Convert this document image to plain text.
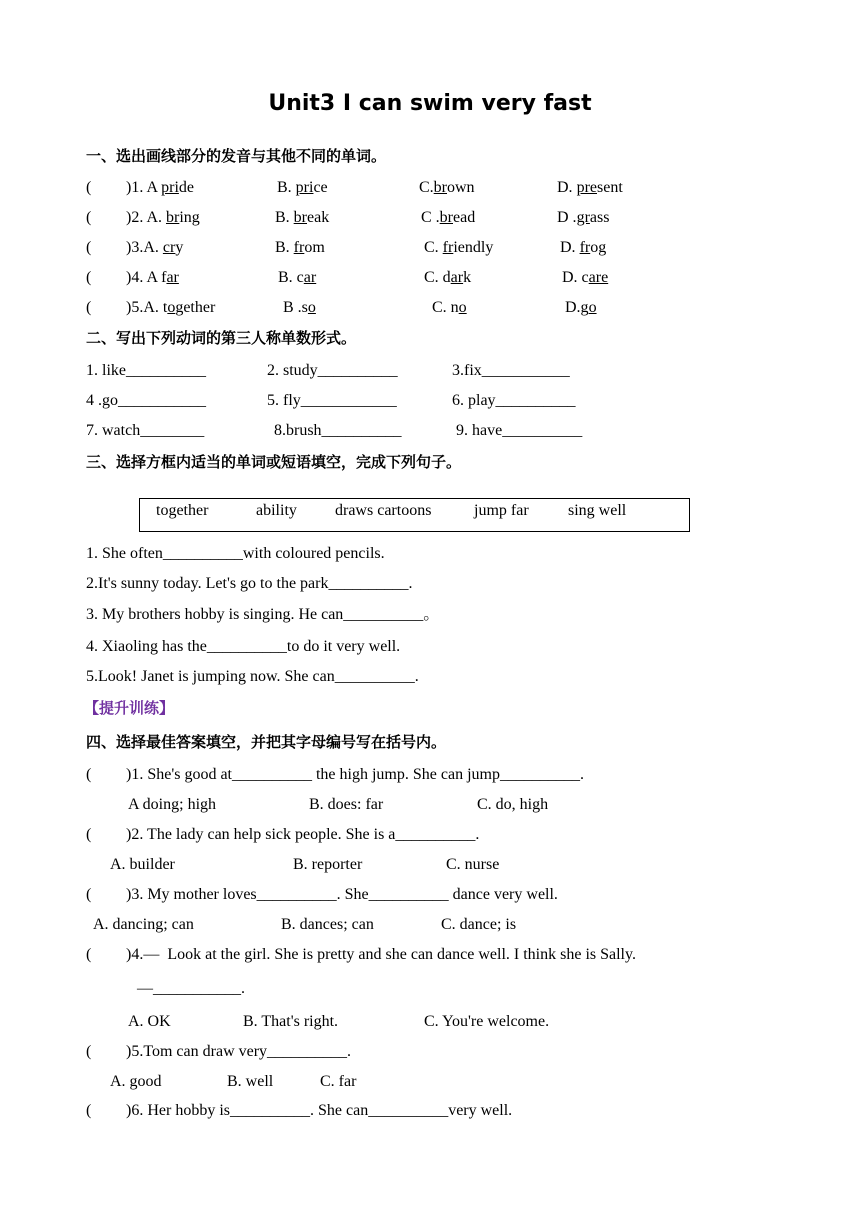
Unit3 I can swim very fast
一、选出画线部分的发音与其他不同的单词。
( )1. A pride	B. price	C.brown	D. present
( )2. A. bring	B. break	C .bread	D .grass
( )3.A. cry	B. from	C. friendly	D. frog
( )4. A far	B. car	C. dark	D. care
( )5.A. together	B .so	C. no	D.go
二、写出下列动词的第三人称单数形式。
1. like__________	2. study__________	3.fix___________
4 .go___________	5. fly____________	6. play__________
7. watch________	8.brush__________	9. have__________
三、选择方框内适当的单词或短语填空，完成下列句子。
together	ability draws cartoons	jump far sing well
1. She often__________with coloured pencils.
2.It's sunny today. Let's go to the park__________.
3. My brothers hobby is singing. He can__________。
4. Xiaoling has the__________to do it very well.
5.Look! Janet is jumping now. She can__________.
【提升训练】
四、选择最佳答案填空，并把其字母编号写在括号内。
( )1. She's good at__________ the high jump. She can jump__________.
A doing; high	B. does: far	C. do, high
( )2. The lady can help sick people. She is a__________.
A. builder	B. reporter	C. nurse
( )3. My mother loves__________. She__________ dance very well.
A. dancing; can	B. dances; can	C. dance; is
( )4.—  Look at the girl. She is pretty and she can dance well. I think she is Sally.
—___________.
A. OK	B. That's right.	C. You're welcome.
( )5.Tom can draw very__________.
A. good	B. well	C. far
( )6. Her hobby is__________. She can__________very well.
